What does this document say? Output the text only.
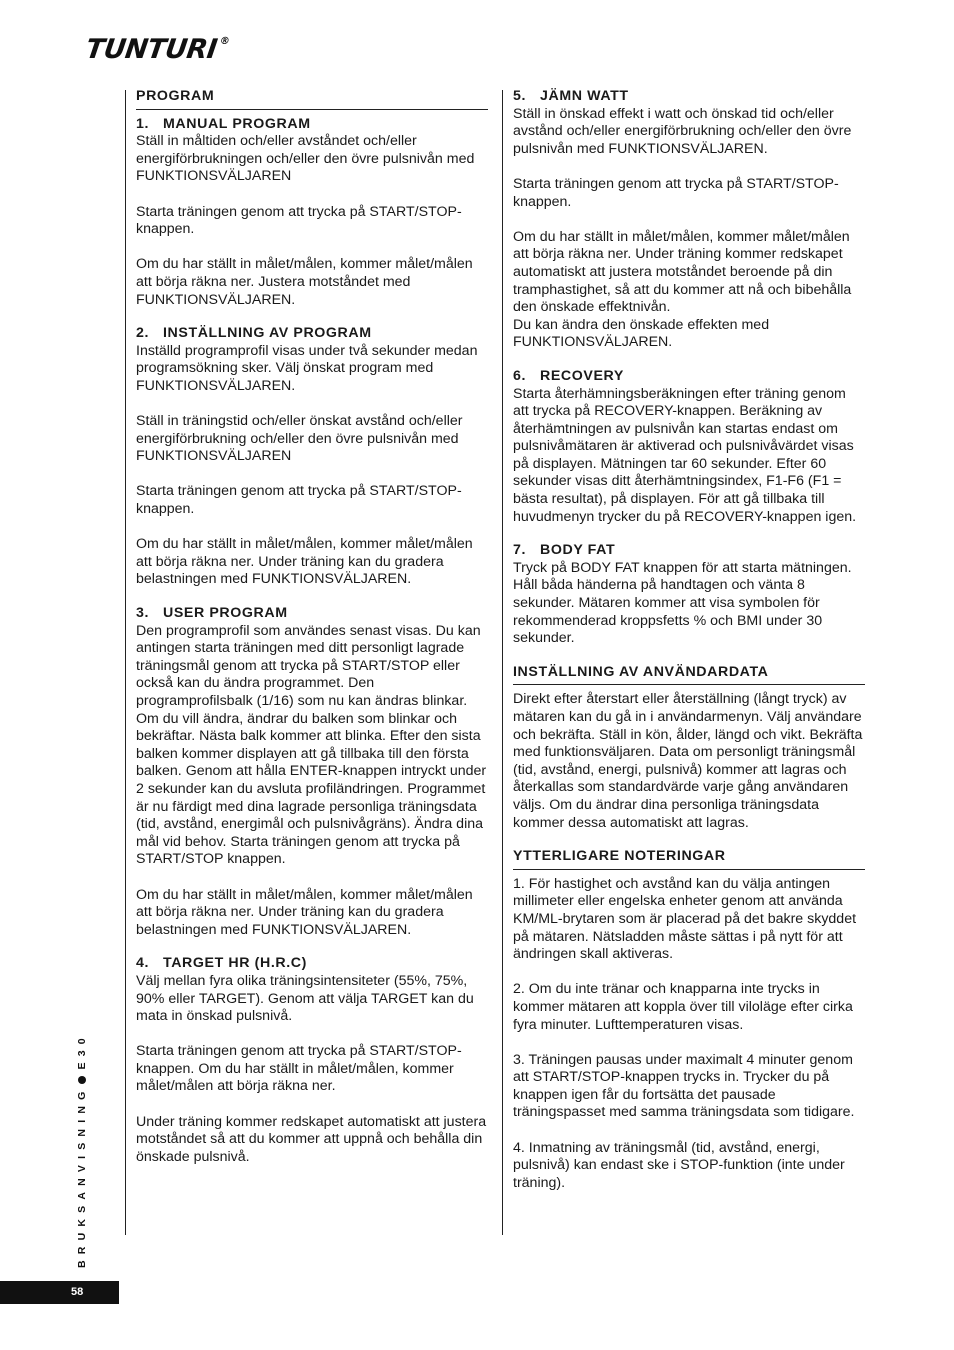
TUNTURI®
PROGRAM

1. MANUAL PROGRAM

Ställ in måltiden och/eller avståndet och/eller energiförbrukningen och/eller den övre pulsnivån med FUNKTIONSVÄLJAREN

Starta träningen genom att trycka på START/STOP-knappen.

Om du har ställt in målet/målen, kommer målet/målen att börja räkna ner. Justera motståndet med FUNKTIONSVÄLJAREN.

2. INSTÄLLNING AV PROGRAM

Inställd programprofil visas under två sekunder medan programsökning sker. Välj önskat program med FUNKTIONSVÄLJAREN.

Ställ in träningstid och/eller önskat avstånd och/eller energiförbrukning och/eller den övre pulsnivån med FUNKTIONSVÄLJAREN

Starta träningen genom att trycka på START/STOP-knappen.

Om du har ställt in målet/målen, kommer målet/målen att börja räkna ner. Under träning kan du gradera belastningen med FUNKTIONSVÄLJAREN.

3. USER PROGRAM

Den programprofil som användes senast visas. Du kan antingen starta träningen med ditt personligt lagrade träningsmål genom att trycka på START/STOP eller också kan du ändra programmet. Den programprofilsbalk (1/16) som nu kan ändras blinkar. Om du vill ändra, ändrar du balken som blinkar och bekräftar. Nästa balk kommer att blinka. Efter den sista balken kommer displayen att gå tillbaka till den första balken. Genom att hålla ENTER-knappen intryckt under 2 sekunder kan du avsluta profiländringen. Programmet är nu färdigt med dina lagrade personliga träningsdata (tid, avstånd, energimål och pulsnivågräns). Ändra dina mål vid behov. Starta träningen genom att trycka på START/STOP knappen.

Om du har ställt in målet/målen, kommer målet/målen att börja räkna ner. Under träning kan du gradera belastningen med FUNKTIONSVÄLJAREN.

4. TARGET HR (H.R.C)

Välj mellan fyra olika träningsintensiteter (55%, 75%, 90% eller TARGET). Genom att välja TARGET kan du mata in önskad pulsnivå.

Starta träningen genom att trycka på START/STOP-knappen. Om du har ställt in målet/målen, kommer målet/målen att börja räkna ner.

Under träning kommer redskapet automatiskt att justera motståndet så att du kommer att uppnå och behålla din önskade pulsnivå.

5. JÄMN WATT

Ställ in önskad effekt i watt och önskad tid och/eller avstånd och/eller energiförbrukning och/eller den övre pulsnivån med FUNKTIONSVÄLJAREN.

Starta träningen genom att trycka på START/STOP-knappen.

Om du har ställt in målet/målen, kommer målet/målen att börja räkna ner. Under träning kommer redskapet automatiskt att justera motståndet beroende på din tramphastighet, så att du kommer att nå och bibehålla den önskade effektnivån.

Du kan ändra den önskade effekten med FUNKTIONSVÄLJAREN.

6. RECOVERY

Starta återhämningsberäkningen efter träning genom att trycka på RECOVERY-knappen. Beräkning av återhämtningen av pulsnivån kan startas endast om pulsnivåmätaren är aktiverad och pulsnivåvärdet visas på displayen. Mätningen tar 60 sekunder. Efter 60 sekunder visas ditt återhämtningsindex, F1-F6 (F1 = bästa resultat), på displayen. För att gå tillbaka till huvudmenyn trycker du på RECOVERY-knappen igen.

7. BODY FAT

Tryck på BODY FAT knappen för att starta mätningen. Håll båda händerna på handtagen och vänta 8 sekunder. Mätaren kommer att visa symbolen för rekommenderad kroppsfetts % och BMI under 30 sekunder.

INSTÄLLNING AV ANVÄNDARDATA

Direkt efter återstart eller återställning (långt tryck) av mätaren kan du gå in i användarmenyn. Välj användare och bekräfta. Ställ in kön, ålder, längd och vikt. Bekräfta med funktionsväljaren. Data om personligt träningsmål (tid, avstånd, energi, pulsnivå) kommer att lagras och återkallas som standardvärde varje gång användaren väljs. Om du ändrar dina personliga träningsdata kommer dessa automatiskt att lagras.

YTTERLIGARE NOTERINGAR

1. För hastighet och avstånd kan du välja antingen millimeter eller engelska enheter genom att använda KM/ML-brytaren som är placerad på det bakre skyddet på mätaren. Nätsladden måste sättas i på nytt för att ändringen skall aktiveras.

2. Om du inte tränar och knapparna inte trycks in kommer mätaren att koppla över till viloläge efter cirka fyra minuter. Lufttemperaturen visas.

3. Träningen pausas under maximalt 4 minuter genom att START/STOP-knappen trycks in. Trycker du på knappen igen får du fortsätta det pausade träningspasset med samma träningsdata som tidigare.

4. Inmatning av träningsmål (tid, avstånd, energi, pulsnivå) kan endast ske i STOP-funktion (inte under träning).

BRUKSANVISNINGE30
58
